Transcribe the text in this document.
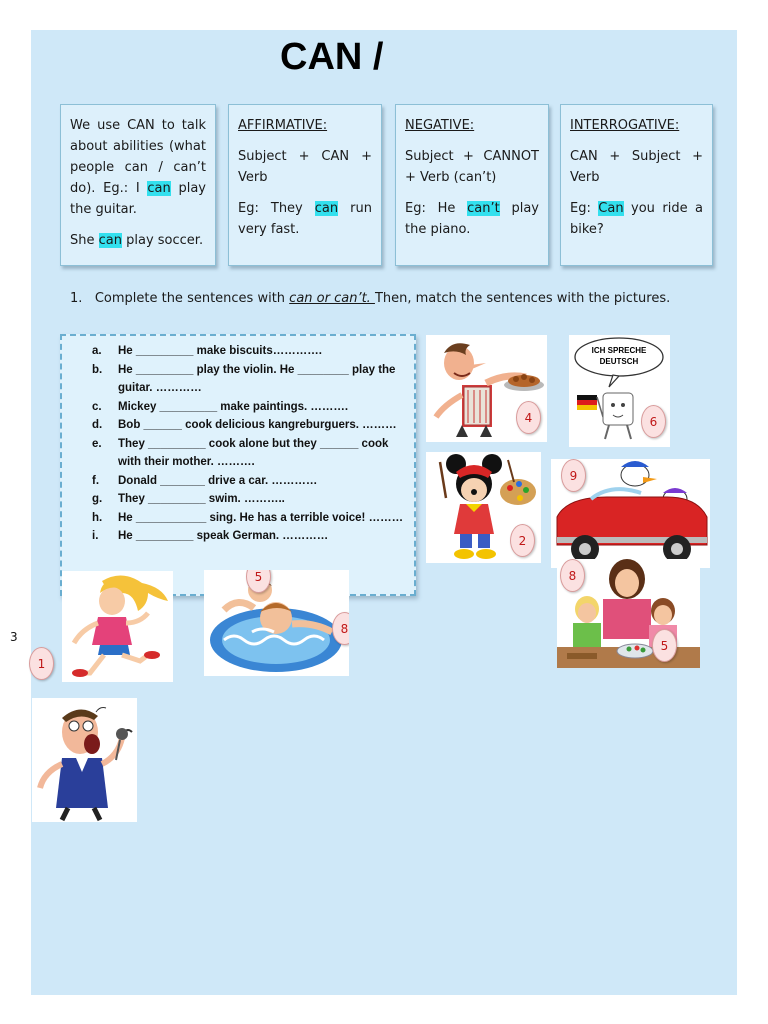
CAN /

We use CAN to talk about abilities (what people can / can’t do). Eg.: I can play the guitar.

She can play soccer.

AFFIRMATIVE:

Subject + CAN + Verb

Eg: They can run very fast.

NEGATIVE:

Subject + CANNOT + Verb (can’t)

Eg: He can’t play the piano.

INTERROGATIVE:

CAN + Subject + Verb

Eg: Can you ride a bike?

1. Complete the sentences with can or can’t. Then, match the sentences with the pictures.
a.	He _________ make biscuits………….
b.	He _________ play the violin. He ________ play the guitar. …………
c.	Mickey _________ make paintings. ……….
d.	Bob ______ cook delicious kangreburguers. ………
e.	They _________ cook alone but they ______ cook with their mother. ……….
f.	Donald _______ drive a car. …………
g.	They _________ swim. ………..
h.	He ___________ sing. He has a terrible voice! ………
i.	He _________ speak German. …………
3
4
ICH SPRECHE
DEUTSCH
6
2
9
8
5
1
5
8
